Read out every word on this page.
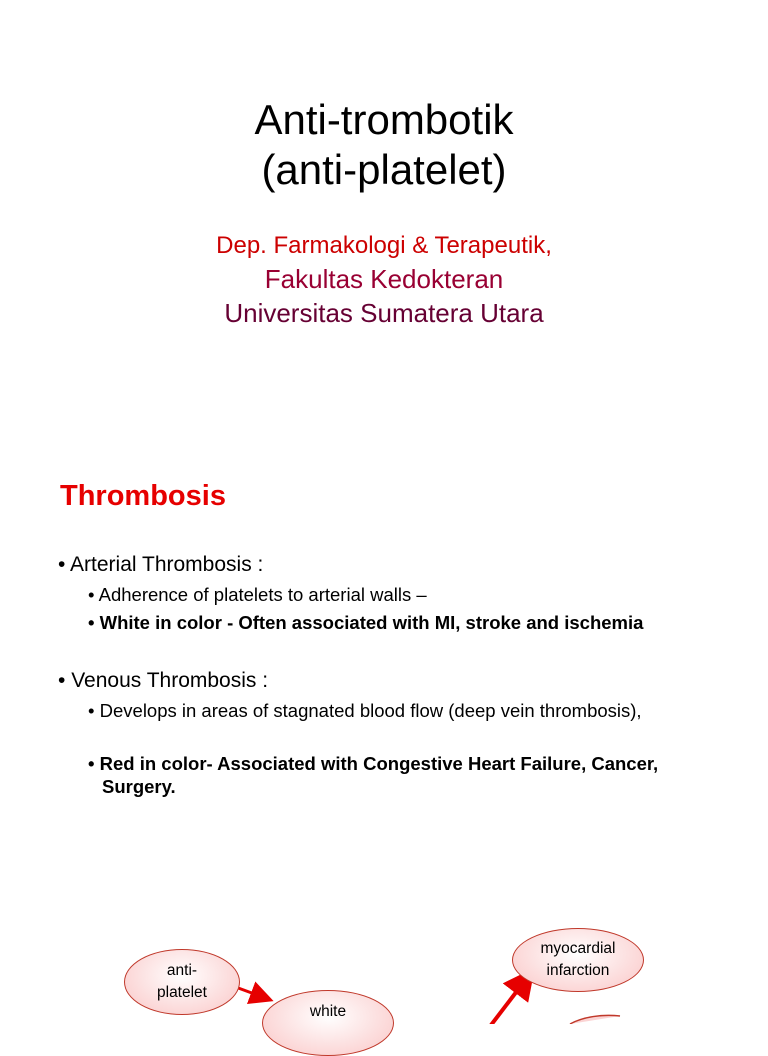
Anti-trombotik
(anti-platelet)
Dep. Farmakologi & Terapeutik,
Fakultas Kedokteran
Universitas Sumatera Utara
Thrombosis
• Arterial Thrombosis :
• Adherence of platelets to arterial walls –
• White in color - Often associated with MI, stroke and ischemia
• Venous Thrombosis :
• Develops in areas of stagnated blood flow (deep vein thrombosis),
• Red in color- Associated with Congestive Heart Failure, Cancer, Surgery.
anti-
platelet
white
myocardial
infarction
